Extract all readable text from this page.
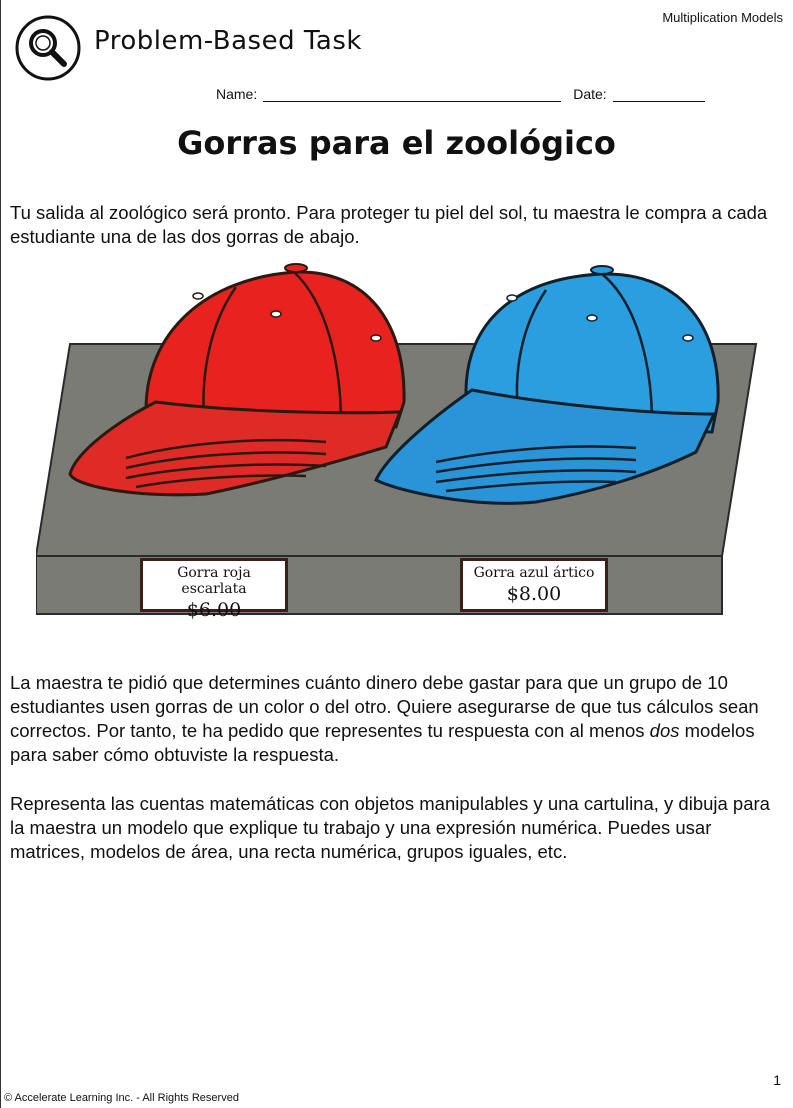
Multiplication Models
Problem-Based Task
Name:	Date:
Gorras para el zoológico
Tu salida al zoológico será pronto. Para proteger tu piel del sol, tu maestra le compra a cada estudiante una de las dos gorras de abajo.
Gorra roja escarlata
$6.00
Gorra azul ártico
$8.00
La maestra te pidió que determines cuánto dinero debe gastar para que un grupo de 10 estudiantes usen gorras de un color o del otro. Quiere asegurarse de que tus cálculos sean correctos. Por tanto, te ha pedido que representes tu respuesta con al menos dos modelos para saber cómo obtuviste la respuesta.
Representa las cuentas matemáticas con objetos manipulables y una cartulina, y dibuja para la maestra un modelo que explique tu trabajo y una expresión numérica. Puedes usar matrices, modelos de área, una recta numérica, grupos iguales, etc.
1
© Accelerate Learning Inc. - All Rights Reserved
